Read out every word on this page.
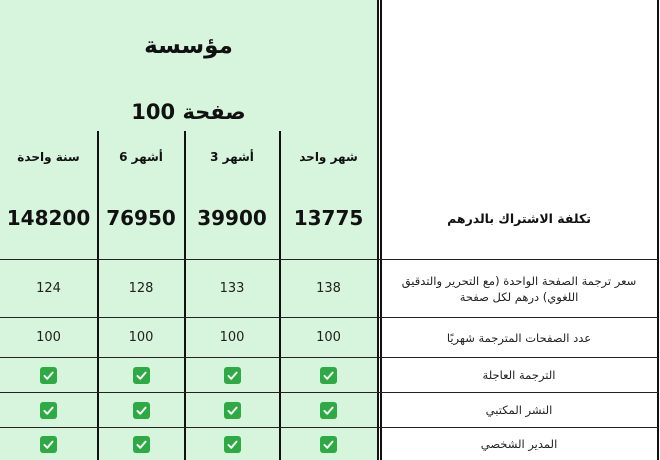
مؤسسة
100 صفحة
شهر واحد
3 أشهر
6 أشهر
سنة واحدة
13775
39900
76950
148200	تكلفة الاشتراك بالدرهم
سعر ترجمة الصفحة الواحدة (مع التحرير والتدقيق اللغوي) درهم لكل صفحة
138
133
128
124
عدد الصفحات المترجمة شهريًا
100
100
100
100
الترجمة العاجلة
النشر المكتبي
المدير الشخصي
